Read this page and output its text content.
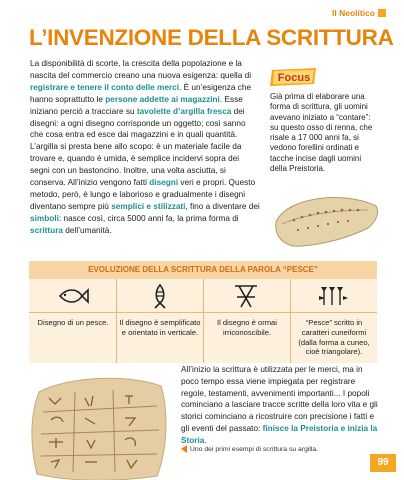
Il Neolitico
L’INVENZIONE DELLA SCRITTURA
La disponibilità di scorte, la crescita della popolazione e la nascita del commercio creano una nuova esigenza: quella di registrare e tenere il conto delle merci. È un’esigenza che hanno soprattutto le persone addette ai magazzini. Esse iniziano perciò a tracciare su tavolette d’argilla fresca dei disegni: a ogni disegno corrisponde un oggetto; così sanno che cosa entra ed esce dai magazzini e in quali quantità. L’argilla si presta bene allo scopo: è un materiale facile da trovare e, quando è umida, è semplice incidervi sopra dei segni con un bastoncino. Inoltre, una volta asciutta, si conserva. All’inizio vengono fatti disegni veri e propri. Questo metodo, però, è lungo e laborioso e gradualmente i disegni diventano sempre più semplici e stilizzati, fino a diventare dei simboli: nasce così, circa 5000 anni fa, la prima forma di scrittura dell’umanità.
Focus
Già prima di elaborare una forma di scrittura, gli uomini avevano iniziato a “contare”: su questo osso di renna, che risale a 17 000 anni fa, si vedono forellini ordinati e tacche incise dagli uomini della Preistoria.
EVOLUZIONE DELLA SCRITTURA DELLA PAROLA “PESCE”
Disegno di un pesce.	Il disegno è semplificato e orientato in verticale.
Il disegno è ormai irriconoscibile.
“Pesce” scritto in caratteri cuneiformi (dalla forma a cuneo, cioè triangolare).
All’inizio la scrittura è utilizzata per le merci, ma in poco tempo essa viene impiegata per registrare regole, testamenti, avvenimenti importanti... I popoli cominciano a lasciare tracce scritte della loro vita e gli storici cominciano a ricostruire con precisione i fatti e gli eventi del passato: finisce la Preistoria e inizia la Storia.
Uno dei primi esempi di scrittura su argilla.
99
